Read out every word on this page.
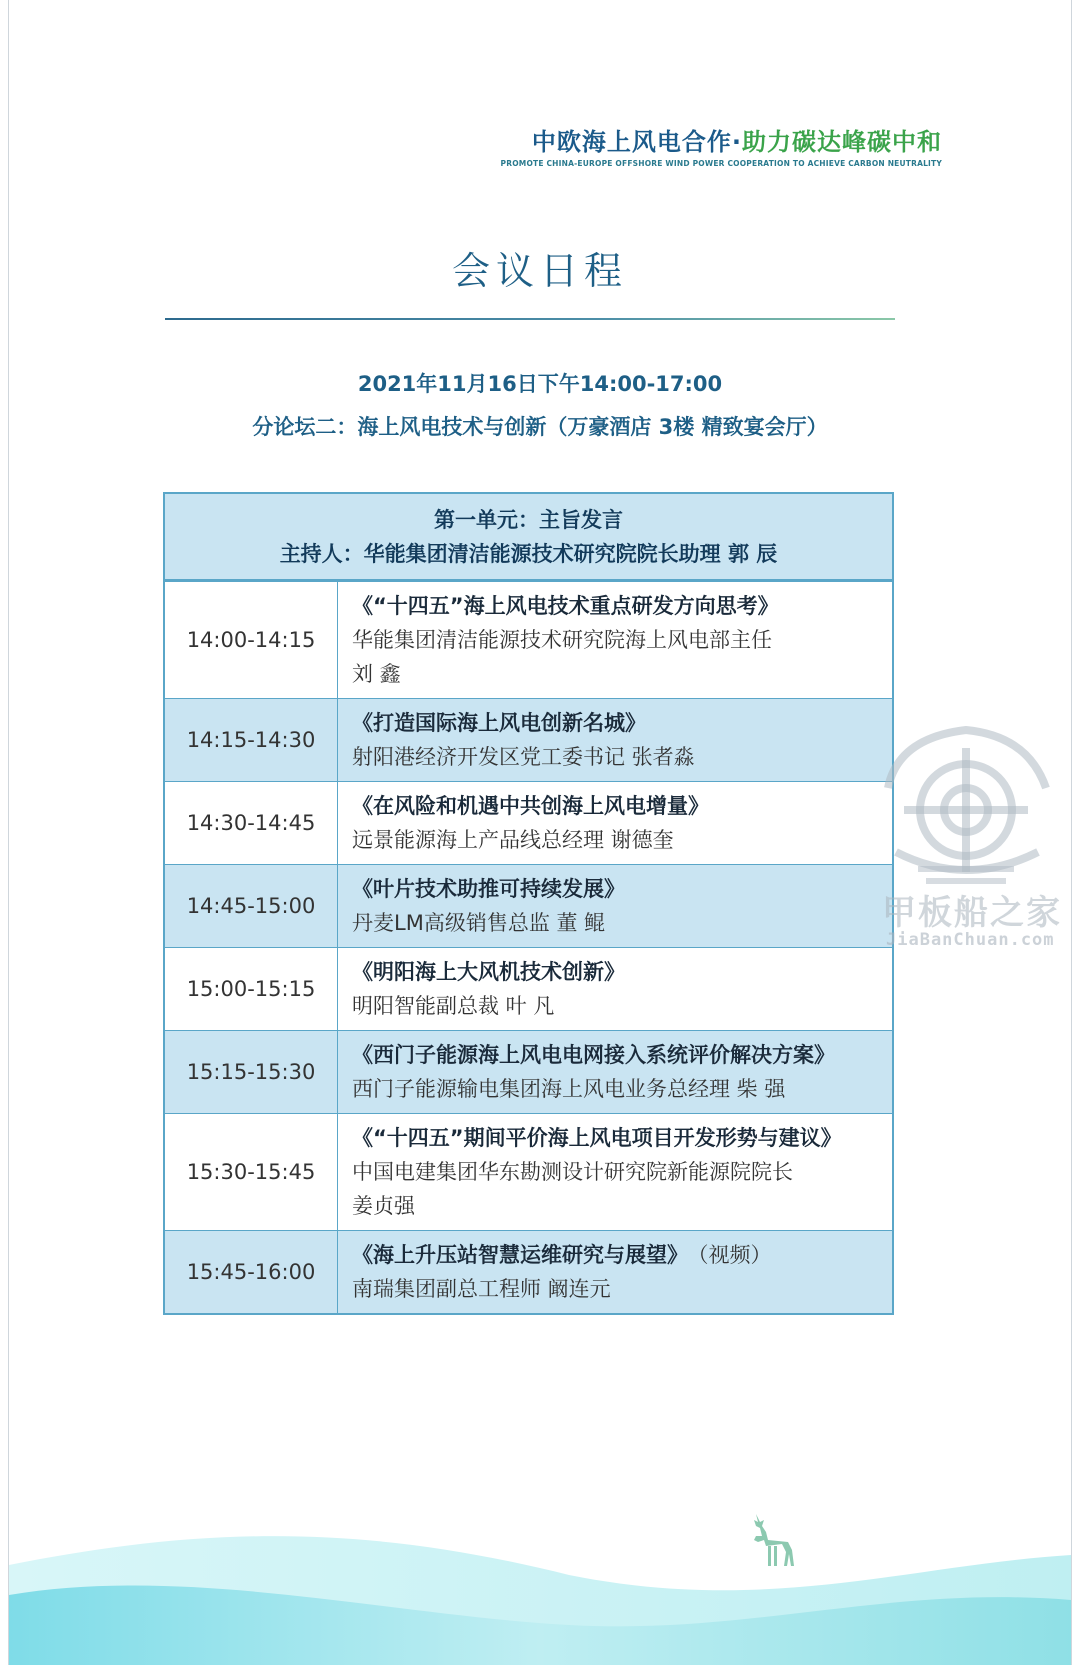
中欧海上风电合作·助力碳达峰碳中和
PROMOTE CHINA-EUROPE OFFSHORE WIND POWER COOPERATION TO ACHIEVE CARBON NEUTRALITY
会议日程
2021年11月16日下午14:00-17:00
分论坛二：海上风电技术与创新（万豪酒店 3楼 精致宴会厅）
第一单元：主旨发言
主持人：华能集团清洁能源技术研究院院长助理 郭 辰
14:00-14:15
《“十四五”海上风电技术重点研发方向思考》
华能集团清洁能源技术研究院海上风电部主任
刘 鑫
14:15-14:30
《打造国际海上风电创新名城》
射阳港经济开发区党工委书记 张者淼
14:30-14:45
《在风险和机遇中共创海上风电增量》
远景能源海上产品线总经理 谢德奎
14:45-15:00
《叶片技术助推可持续发展》
丹麦LM高级销售总监 董 鲲
15:00-15:15
《明阳海上大风机技术创新》
明阳智能副总裁 叶 凡
15:15-15:30
《西门子能源海上风电电网接入系统评价解决方案》
西门子能源输电集团海上风电业务总经理 柴 强
15:30-15:45
《“十四五”期间平价海上风电项目开发形势与建议》
中国电建集团华东勘测设计研究院新能源院院长
姜贞强
15:45-16:00
《海上升压站智慧运维研究与展望》 （视频）
南瑞集团副总工程师 阚连元
甲板船之家
JiaBanChuan.com
